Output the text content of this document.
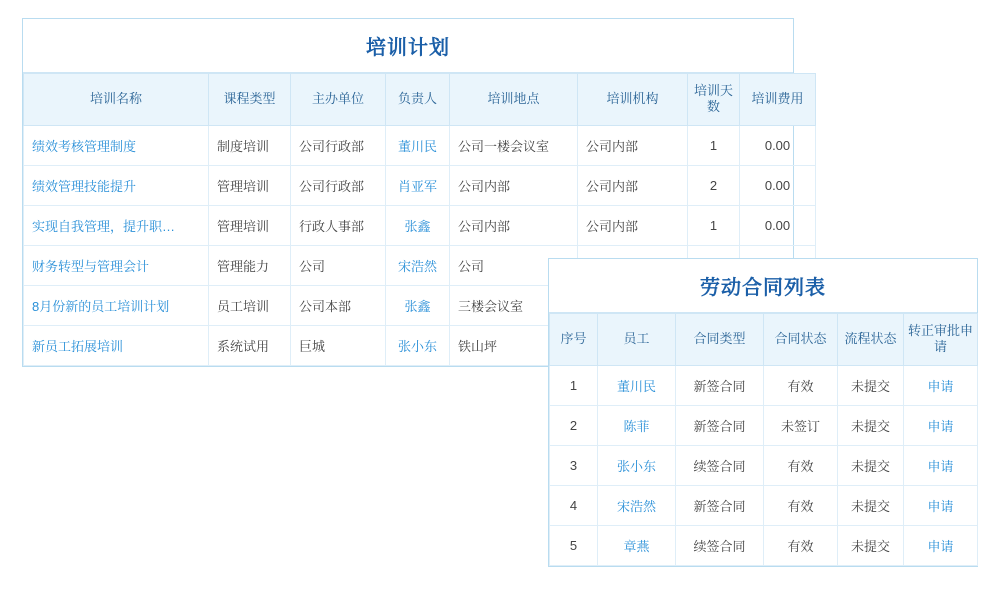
培训计划
培训名称	课程类型	主办单位	负责人	培训地点	培训机构	培训天数	培训费用
绩效考核管理制度	制度培训	公司行政部	董川民	公司一楼会议室	公司内部	1	0.00
绩效管理技能提升	管理培训	公司行政部	肖亚军	公司内部	公司内部	2	0.00
实现自我管理，提升职…	管理培训	行政人事部	张鑫	公司内部	公司内部	1	0.00
财务转型与管理会计	管理能力	公司	宋浩然	公司			
8月份新的员工培训计划	员工培训	公司本部	张鑫	三楼会议室			
新员工拓展培训	系统试用	巨城	张小东	铁山坪			
劳动合同列表
序号	员工	合同类型	合同状态	流程状态	转正审批申请
1	董川民	新签合同	有效	未提交	申请
2	陈菲	新签合同	未签订	未提交	申请
3	张小东	续签合同	有效	未提交	申请
4	宋浩然	新签合同	有效	未提交	申请
5	章燕	续签合同	有效	未提交	申请
